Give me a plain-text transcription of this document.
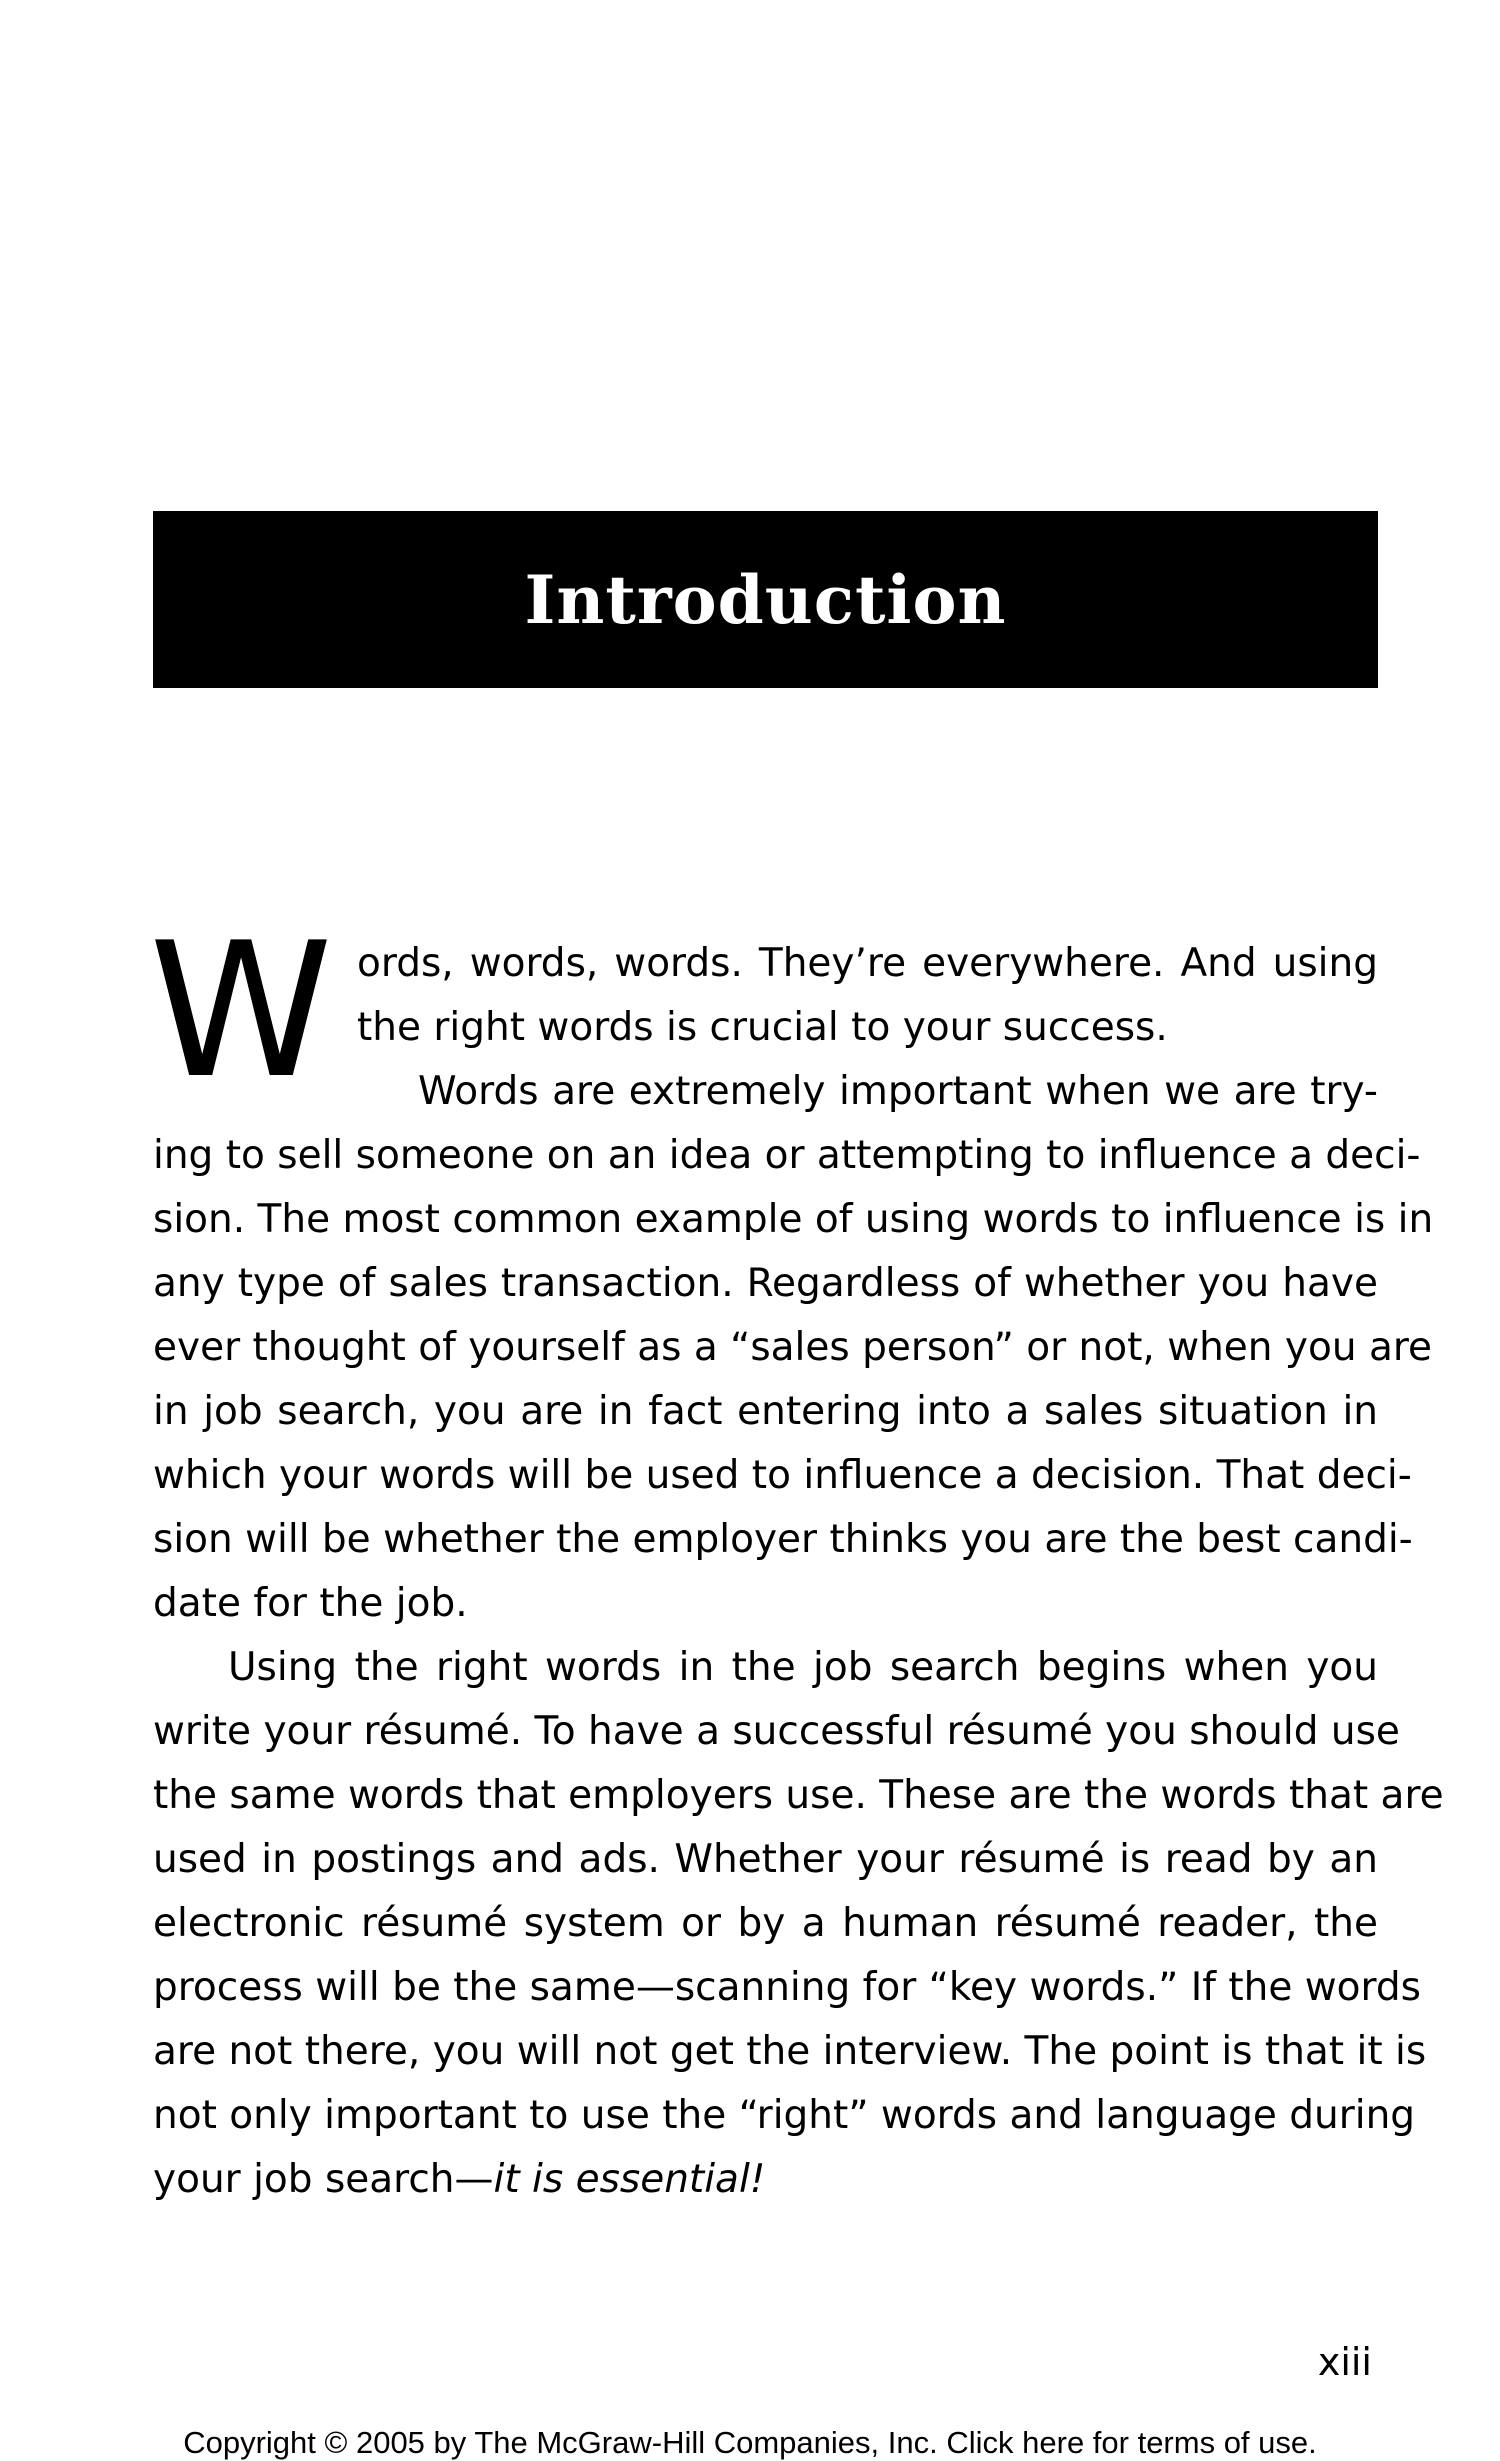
Introduction
W ords, words, words. They’re everywhere. And using
the right words is crucial to your success.
Words are extremely important when we are try-
ing to sell someone on an idea or attempting to influence a deci-
sion. The most common example of using words to influence is in
any type of sales transaction. Regardless of whether you have
ever thought of yourself as a “sales person” or not, when you are
in job search, you are in fact entering into a sales situation in
which your words will be used to influence a decision. That deci-
sion will be whether the employer thinks you are the best candi-
date for the job.
Using the right words in the job search begins when you
write your résumé. To have a successful résumé you should use
the same words that employers use. These are the words that are
used in postings and ads. Whether your résumé is read by an
electronic résumé system or by a human résumé reader, the
process will be the same—scanning for “key words.” If the words
are not there, you will not get the interview. The point is that it is
not only important to use the “right” words and language during
your job search—it is essential!
xiii
Copyright © 2005 by The McGraw-Hill Companies, Inc. Click here for terms of use.
